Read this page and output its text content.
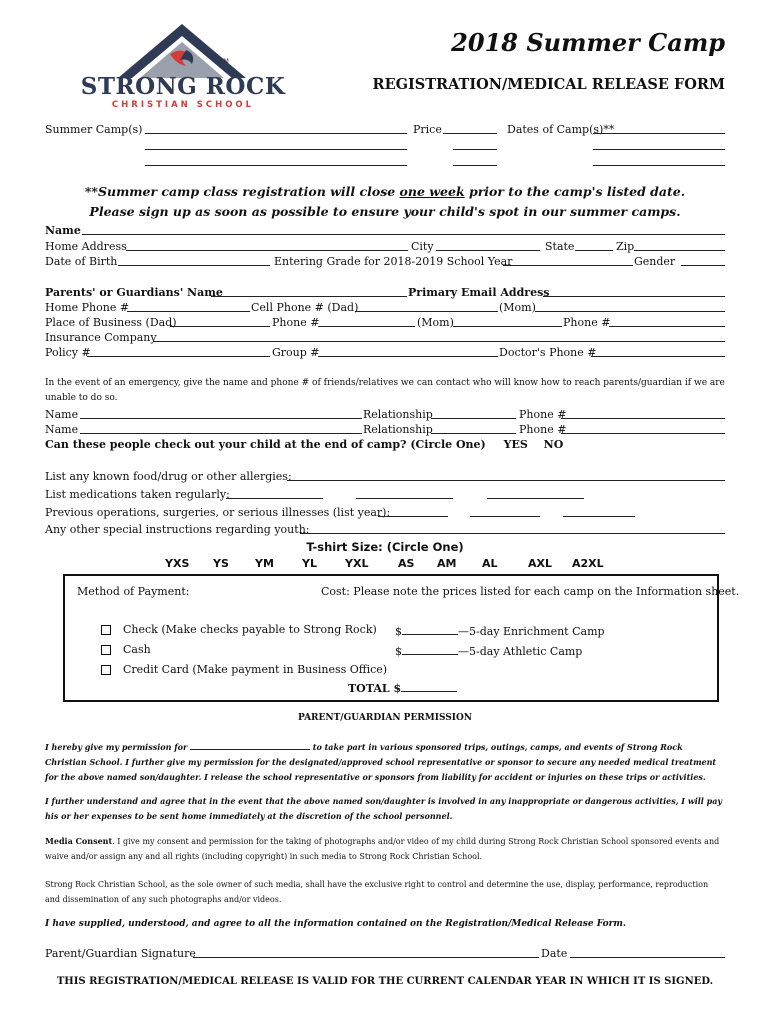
TM
STRONG ROCK
CHRISTIAN SCHOOL
2018 Summer Camp
REGISTRATION/MEDICAL RELEASE FORM
Summer Camp(s)	Price	Dates of Camp(s)**
**Summer camp class registration will close one week prior to the camp's listed date.
Please sign up as soon as possible to ensure your child's spot in our summer camps.
Name
Home Address	City	State	Zip
Date of Birth	Entering Grade for 2018-2019 School Year	Gender
Parents' or Guardians' Name	Primary Email Address
Home Phone #	Cell Phone # (Dad)	(Mom)
Place of Business (Dad)	Phone #	(Mom)	Phone #
Insurance Company
Policy #	Group #	Doctor's Phone #
In the event of an emergency, give the name and phone # of friends/relatives we can contact who will know how to reach parents/guardian if we are unable to do so.
Name	Relationship	Phone #
Name	Relationship	Phone #
Can these people check out your child at the end of camp? (Circle One) YES NO
List any known food/drug or other allergies:
List medications taken regularly:
Previous operations, surgeries, or serious illnesses (list year):
Any other special instructions regarding youth:
T-shirt Size: (Circle One)
YXS YS YM	YL	YXL	AS AM AL	AXL A2XL
Method of Payment:	Cost: Please note the prices listed for each camp on the Information sheet.
Check (Make checks payable to Strong Rock)
Cash
Credit Card (Make payment in Business Office)
$	—5-day Enrichment Camp
$	—5-day Athletic Camp
TOTAL $
PARENT/GUARDIAN PERMISSION
I hereby give my permission for	to take part in various sponsored trips, outings, camps, and events of Strong Rock Christian School. I further give my permission for the designated/approved school representative or sponsor to secure any needed medical treatment for the above named son/daughter. I release the school representative or sponsors from liability for accident or injuries on these trips or activities.
I further understand and agree that in the event that the above named son/daughter is involved in any inappropriate or dangerous activities, I will pay his or her expenses to be sent home immediately at the discretion of the school personnel.
Media Consent. I give my consent and permission for the taking of photographs and/or video of my child during Strong Rock Christian School sponsored events and waive and/or assign any and all rights (including copyright) in such media to Strong Rock Christian School.
Strong Rock Christian School, as the sole owner of such media, shall have the exclusive right to control and determine the use, display, performance, reproduction and dissemination of any such photographs and/or videos.
I have supplied, understood, and agree to all the information contained on the Registration/Medical Release Form.
Parent/Guardian Signature	Date
THIS REGISTRATION/MEDICAL RELEASE IS VALID FOR THE CURRENT CALENDAR YEAR IN WHICH IT IS SIGNED.
